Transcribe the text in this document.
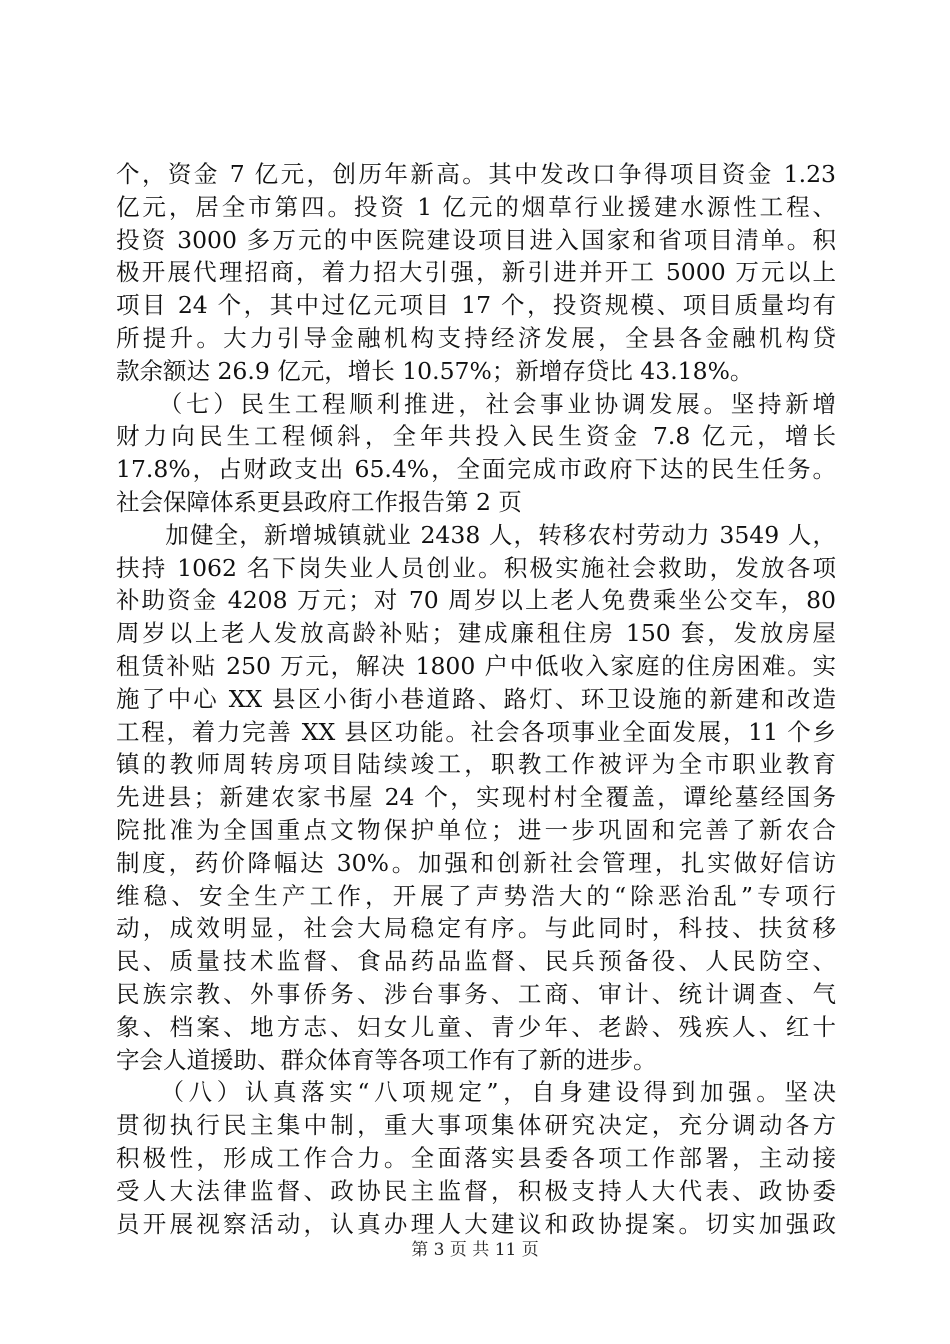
个，资金 7 亿元，创历年新高。其中发改口争得项目资金 1.23
亿元，居全市第四。投资 1 亿元的烟草行业援建水源性工程、
投资 3000 多万元的中医院建设项目进入国家和省项目清单。积
极开展代理招商，着力招大引强，新引进并开工 5000 万元以上
项目 24 个，其中过亿元项目 17 个，投资规模、项目质量均有
所提升。大力引导金融机构支持经济发展，全县各金融机构贷
款余额达 26.9 亿元，增长 10.57%；新增存贷比 43.18%。
　　（七）民生工程顺利推进，社会事业协调发展。坚持新增
财力向民生工程倾斜，全年共投入民生资金 7.8 亿元，增长
17.8%，占财政支出 65.4%，全面完成市政府下达的民生任务。
社会保障体系更县政府工作报告第 2 页
　　加健全，新增城镇就业 2438 人，转移农村劳动力 3549 人，
扶持 1062 名下岗失业人员创业。积极实施社会救助，发放各项
补助资金 4208 万元；对 70 周岁以上老人免费乘坐公交车，80
周岁以上老人发放高龄补贴；建成廉租住房 150 套，发放房屋
租赁补贴 250 万元，解决 1800 户中低收入家庭的住房困难。实
施了中心 XX 县区小街小巷道路、路灯、环卫设施的新建和改造
工程，着力完善 XX 县区功能。社会各项事业全面发展，11 个乡
镇的教师周转房项目陆续竣工，职教工作被评为全市职业教育
先进县；新建农家书屋 24 个，实现村村全覆盖，谭纶墓经国务
院批准为全国重点文物保护单位；进一步巩固和完善了新农合
制度，药价降幅达 30%。加强和创新社会管理，扎实做好信访
维稳、安全生产工作，开展了声势浩大的“除恶治乱”专项行
动，成效明显，社会大局稳定有序。与此同时，科技、扶贫移
民、质量技术监督、食品药品监督、民兵预备役、人民防空、
民族宗教、外事侨务、涉台事务、工商、审计、统计调查、气
象、档案、地方志、妇女儿童、青少年、老龄、残疾人、红十
字会人道援助、群众体育等各项工作有了新的进步。
　　（八）认真落实“八项规定”，自身建设得到加强。坚决
贯彻执行民主集中制，重大事项集体研究决定，充分调动各方
积极性，形成工作合力。全面落实县委各项工作部署，主动接
受人大法律监督、政协民主监督，积极支持人大代表、政协委
员开展视察活动，认真办理人大建议和政协提案。切实加强政
第 3 页 共 11 页
